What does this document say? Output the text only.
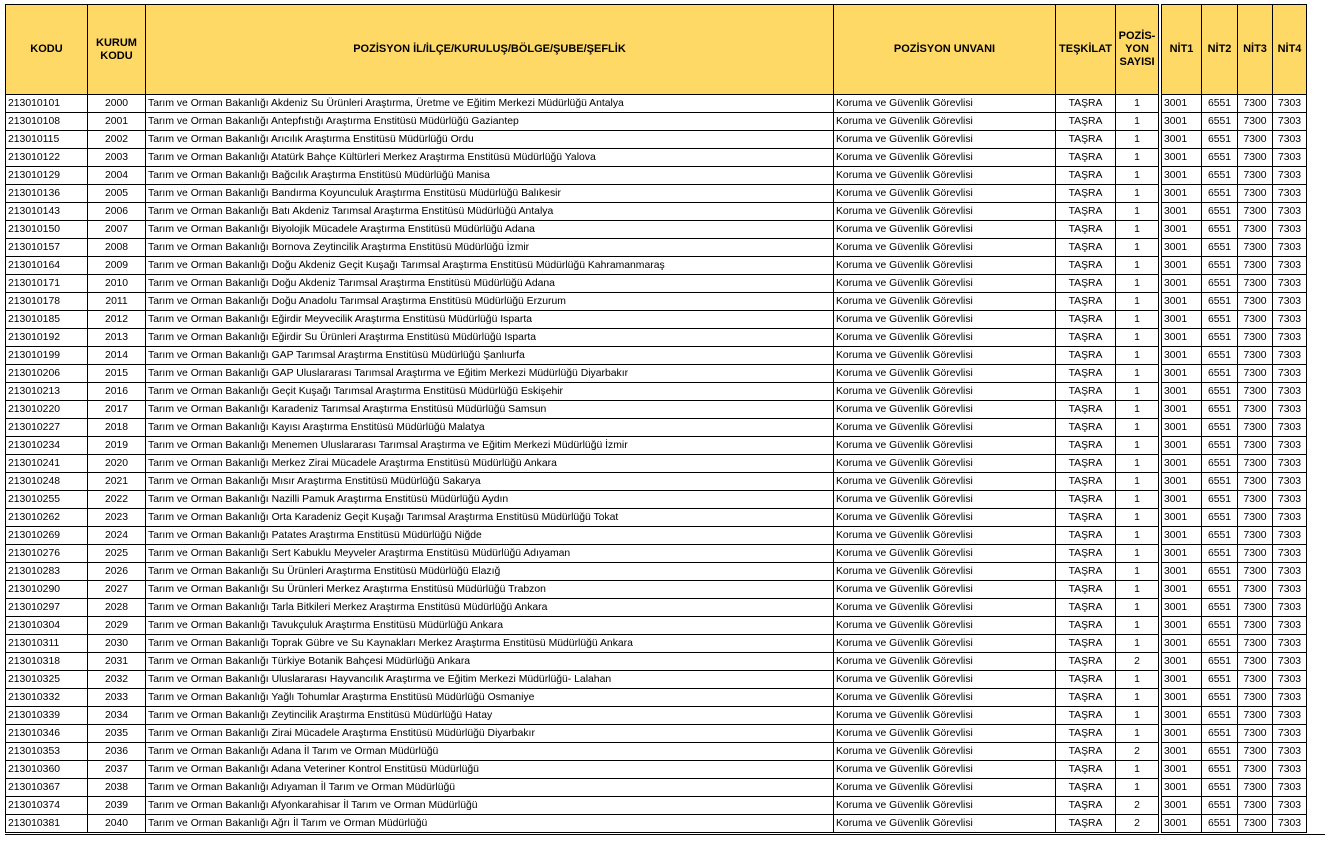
KODU	KURUM
KODU	POZİSYON İL/İLÇE/KURULUŞ/BÖLGE/ŞUBE/ŞEFLİK	POZİSYON UNVANI	TEŞKİLAT	POZİS-
YON
SAYISI		NİT1	NİT2	NİT3	NİT4
213010101	2000	Tarım ve Orman Bakanlığı Akdeniz Su Ürünleri Araştırma, Üretme ve Eğitim Merkezi Müdürlüğü Antalya	Koruma ve Güvenlik Görevlisi	TAŞRA	1		3001	6551	7300	7303
213010108	2001	Tarım ve Orman Bakanlığı Antepfıstığı Araştırma Enstitüsü Müdürlüğü Gaziantep	Koruma ve Güvenlik Görevlisi	TAŞRA	1		3001	6551	7300	7303
213010115	2002	Tarım ve Orman Bakanlığı Arıcılık Araştırma Enstitüsü Müdürlüğü Ordu	Koruma ve Güvenlik Görevlisi	TAŞRA	1		3001	6551	7300	7303
213010122	2003	Tarım ve Orman Bakanlığı Atatürk Bahçe Kültürleri Merkez Araştırma Enstitüsü Müdürlüğü Yalova	Koruma ve Güvenlik Görevlisi	TAŞRA	1		3001	6551	7300	7303
213010129	2004	Tarım ve Orman Bakanlığı Bağcılık Araştırma Enstitüsü Müdürlüğü Manisa	Koruma ve Güvenlik Görevlisi	TAŞRA	1		3001	6551	7300	7303
213010136	2005	Tarım ve Orman Bakanlığı Bandırma Koyunculuk Araştırma Enstitüsü Müdürlüğü Balıkesir	Koruma ve Güvenlik Görevlisi	TAŞRA	1		3001	6551	7300	7303
213010143	2006	Tarım ve Orman Bakanlığı Batı Akdeniz Tarımsal Araştırma Enstitüsü Müdürlüğü Antalya	Koruma ve Güvenlik Görevlisi	TAŞRA	1		3001	6551	7300	7303
213010150	2007	Tarım ve Orman Bakanlığı Biyolojik Mücadele Araştırma Enstitüsü Müdürlüğü Adana	Koruma ve Güvenlik Görevlisi	TAŞRA	1		3001	6551	7300	7303
213010157	2008	Tarım ve Orman Bakanlığı Bornova Zeytincilik Araştırma Enstitüsü Müdürlüğü İzmir	Koruma ve Güvenlik Görevlisi	TAŞRA	1		3001	6551	7300	7303
213010164	2009	Tarım ve Orman Bakanlığı Doğu Akdeniz Geçit Kuşağı Tarımsal Araştırma Enstitüsü Müdürlüğü Kahramanmaraş	Koruma ve Güvenlik Görevlisi	TAŞRA	1		3001	6551	7300	7303
213010171	2010	Tarım ve Orman Bakanlığı Doğu Akdeniz Tarımsal Araştırma Enstitüsü Müdürlüğü Adana	Koruma ve Güvenlik Görevlisi	TAŞRA	1		3001	6551	7300	7303
213010178	2011	Tarım ve Orman Bakanlığı Doğu Anadolu Tarımsal Araştırma Enstitüsü Müdürlüğü Erzurum	Koruma ve Güvenlik Görevlisi	TAŞRA	1		3001	6551	7300	7303
213010185	2012	Tarım ve Orman Bakanlığı Eğirdir Meyvecilik Araştırma Enstitüsü Müdürlüğü Isparta	Koruma ve Güvenlik Görevlisi	TAŞRA	1		3001	6551	7300	7303
213010192	2013	Tarım ve Orman Bakanlığı Eğirdir Su Ürünleri Araştırma Enstitüsü Müdürlüğü Isparta	Koruma ve Güvenlik Görevlisi	TAŞRA	1		3001	6551	7300	7303
213010199	2014	Tarım ve Orman Bakanlığı GAP Tarımsal Araştırma Enstitüsü Müdürlüğü Şanlıurfa	Koruma ve Güvenlik Görevlisi	TAŞRA	1		3001	6551	7300	7303
213010206	2015	Tarım ve Orman Bakanlığı GAP Uluslararası Tarımsal Araştırma ve Eğitim Merkezi Müdürlüğü Diyarbakır	Koruma ve Güvenlik Görevlisi	TAŞRA	1		3001	6551	7300	7303
213010213	2016	Tarım ve Orman Bakanlığı Geçit Kuşağı Tarımsal Araştırma Enstitüsü Müdürlüğü Eskişehir	Koruma ve Güvenlik Görevlisi	TAŞRA	1		3001	6551	7300	7303
213010220	2017	Tarım ve Orman Bakanlığı Karadeniz Tarımsal Araştırma Enstitüsü Müdürlüğü Samsun	Koruma ve Güvenlik Görevlisi	TAŞRA	1		3001	6551	7300	7303
213010227	2018	Tarım ve Orman Bakanlığı Kayısı Araştırma Enstitüsü Müdürlüğü Malatya	Koruma ve Güvenlik Görevlisi	TAŞRA	1		3001	6551	7300	7303
213010234	2019	Tarım ve Orman Bakanlığı Menemen Uluslararası Tarımsal Araştırma ve Eğitim Merkezi Müdürlüğü İzmir	Koruma ve Güvenlik Görevlisi	TAŞRA	1		3001	6551	7300	7303
213010241	2020	Tarım ve Orman Bakanlığı Merkez Zirai Mücadele Araştırma Enstitüsü Müdürlüğü Ankara	Koruma ve Güvenlik Görevlisi	TAŞRA	1		3001	6551	7300	7303
213010248	2021	Tarım ve Orman Bakanlığı Mısır Araştırma Enstitüsü Müdürlüğü Sakarya	Koruma ve Güvenlik Görevlisi	TAŞRA	1		3001	6551	7300	7303
213010255	2022	Tarım ve Orman Bakanlığı Nazilli Pamuk Araştırma Enstitüsü Müdürlüğü Aydın	Koruma ve Güvenlik Görevlisi	TAŞRA	1		3001	6551	7300	7303
213010262	2023	Tarım ve Orman Bakanlığı Orta Karadeniz Geçit Kuşağı Tarımsal Araştırma Enstitüsü Müdürlüğü Tokat	Koruma ve Güvenlik Görevlisi	TAŞRA	1		3001	6551	7300	7303
213010269	2024	Tarım ve Orman Bakanlığı Patates Araştırma Enstitüsü Müdürlüğü Niğde	Koruma ve Güvenlik Görevlisi	TAŞRA	1		3001	6551	7300	7303
213010276	2025	Tarım ve Orman Bakanlığı Sert Kabuklu Meyveler Araştırma Enstitüsü Müdürlüğü Adıyaman	Koruma ve Güvenlik Görevlisi	TAŞRA	1		3001	6551	7300	7303
213010283	2026	Tarım ve Orman Bakanlığı Su Ürünleri Araştırma Enstitüsü Müdürlüğü Elazığ	Koruma ve Güvenlik Görevlisi	TAŞRA	1		3001	6551	7300	7303
213010290	2027	Tarım ve Orman Bakanlığı Su Ürünleri Merkez Araştırma Enstitüsü Müdürlüğü Trabzon	Koruma ve Güvenlik Görevlisi	TAŞRA	1		3001	6551	7300	7303
213010297	2028	Tarım ve Orman Bakanlığı Tarla Bitkileri Merkez Araştırma Enstitüsü Müdürlüğü Ankara	Koruma ve Güvenlik Görevlisi	TAŞRA	1		3001	6551	7300	7303
213010304	2029	Tarım ve Orman Bakanlığı Tavukçuluk Araştırma Enstitüsü Müdürlüğü Ankara	Koruma ve Güvenlik Görevlisi	TAŞRA	1		3001	6551	7300	7303
213010311	2030	Tarım ve Orman Bakanlığı Toprak Gübre ve Su Kaynakları Merkez Araştırma Enstitüsü Müdürlüğü Ankara	Koruma ve Güvenlik Görevlisi	TAŞRA	1		3001	6551	7300	7303
213010318	2031	Tarım ve Orman Bakanlığı Türkiye Botanik Bahçesi Müdürlüğü Ankara	Koruma ve Güvenlik Görevlisi	TAŞRA	2		3001	6551	7300	7303
213010325	2032	Tarım ve Orman Bakanlığı Uluslararası Hayvancılık Araştırma ve Eğitim Merkezi Müdürlüğü- Lalahan	Koruma ve Güvenlik Görevlisi	TAŞRA	1		3001	6551	7300	7303
213010332	2033	Tarım ve Orman Bakanlığı Yağlı Tohumlar Araştırma Enstitüsü Müdürlüğü Osmaniye	Koruma ve Güvenlik Görevlisi	TAŞRA	1		3001	6551	7300	7303
213010339	2034	Tarım ve Orman Bakanlığı Zeytincilik Araştırma Enstitüsü Müdürlüğü Hatay	Koruma ve Güvenlik Görevlisi	TAŞRA	1		3001	6551	7300	7303
213010346	2035	Tarım ve Orman Bakanlığı Zirai Mücadele Araştırma Enstitüsü Müdürlüğü Diyarbakır	Koruma ve Güvenlik Görevlisi	TAŞRA	1		3001	6551	7300	7303
213010353	2036	Tarım ve Orman Bakanlığı Adana İl Tarım ve Orman Müdürlüğü	Koruma ve Güvenlik Görevlisi	TAŞRA	2		3001	6551	7300	7303
213010360	2037	Tarım ve Orman Bakanlığı Adana Veteriner Kontrol Enstitüsü Müdürlüğü	Koruma ve Güvenlik Görevlisi	TAŞRA	1		3001	6551	7300	7303
213010367	2038	Tarım ve Orman Bakanlığı Adıyaman İl Tarım ve Orman Müdürlüğü	Koruma ve Güvenlik Görevlisi	TAŞRA	1		3001	6551	7300	7303
213010374	2039	Tarım ve Orman Bakanlığı Afyonkarahisar İl Tarım ve Orman Müdürlüğü	Koruma ve Güvenlik Görevlisi	TAŞRA	2		3001	6551	7300	7303
213010381	2040	Tarım ve Orman Bakanlığı Ağrı İl Tarım ve Orman Müdürlüğü	Koruma ve Güvenlik Görevlisi	TAŞRA	2		3001	6551	7300	7303
